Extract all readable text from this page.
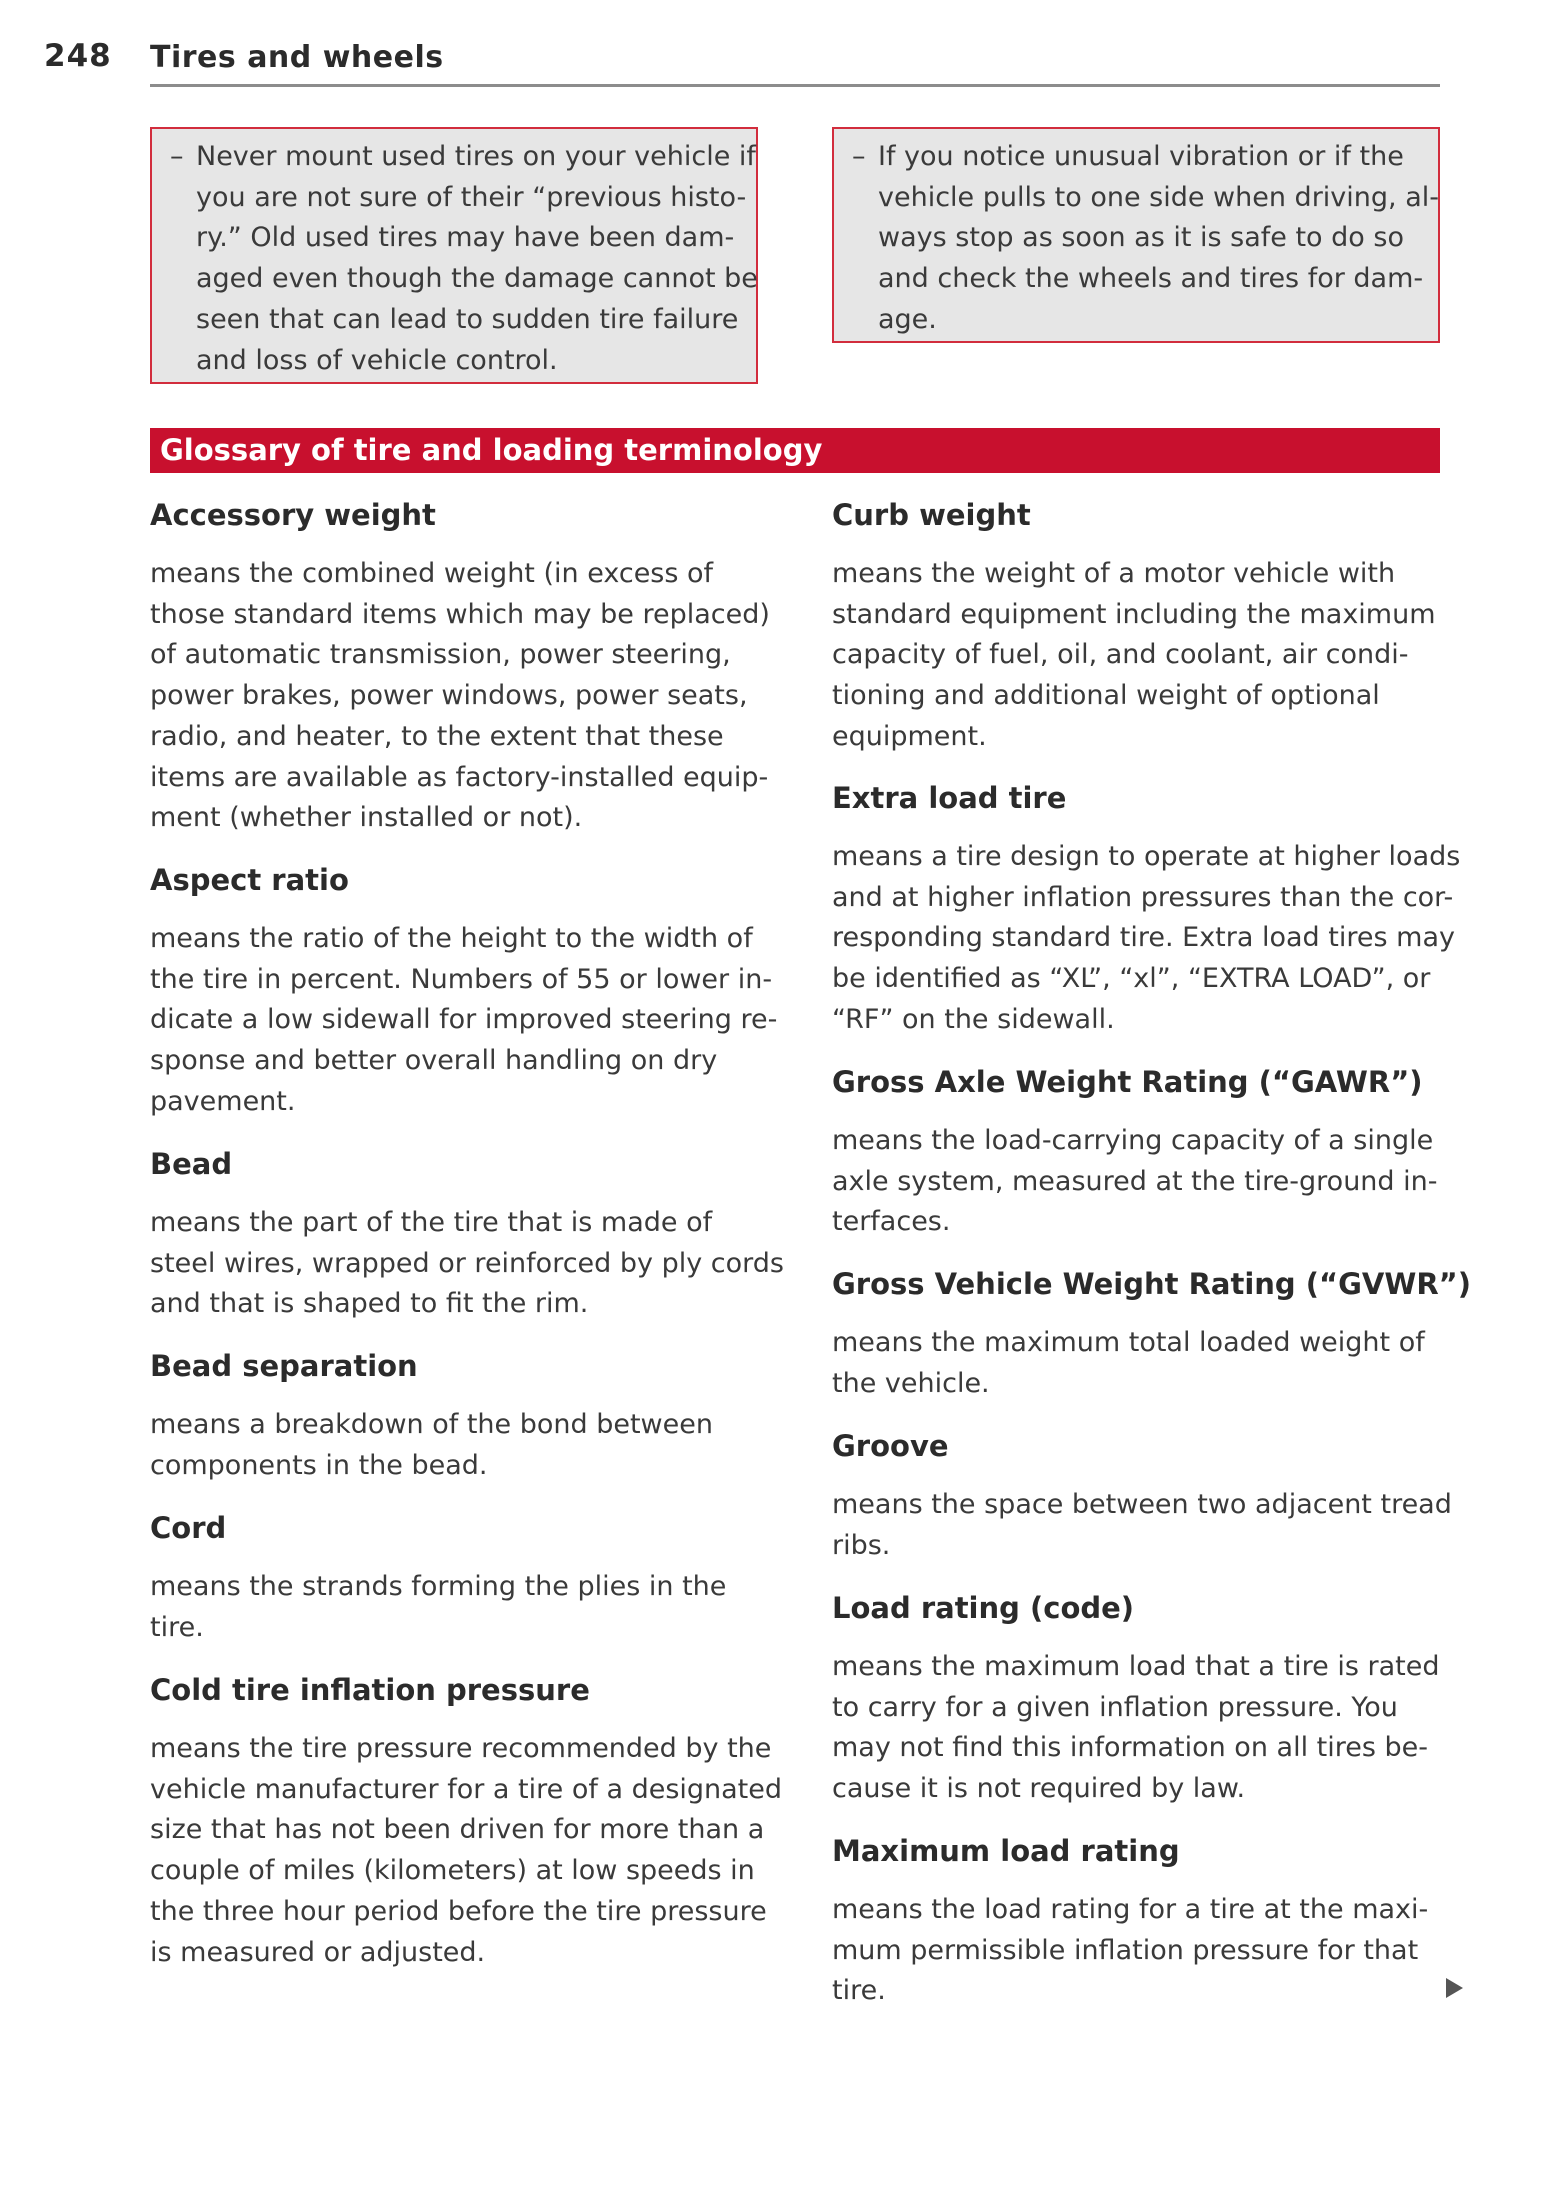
248 Tires and wheels
– Never mount used tires on your vehicle if

you are not sure of their “previous histo-

ry.” Old used tires may have been dam-

aged even though the damage cannot be

seen that can lead to sudden tire failure

and loss of vehicle control.

– If you notice unusual vibration or if the

vehicle pulls to one side when driving, al-

ways stop as soon as it is safe to do so

and check the wheels and tires for dam-

age.

Glossary of tire and loading terminology
Accessory weight
means the combined weight (in excess of
those standard items which may be replaced)
of automatic transmission, power steering,
power brakes, power windows, power seats,
radio, and heater, to the extent that these
items are available as factory-installed equip-
ment (whether installed or not).
Aspect ratio
means the ratio of the height to the width of
the tire in percent. Numbers of 55 or lower in-
dicate a low sidewall for improved steering re-
sponse and better overall handling on dry
pavement.
Bead
means the part of the tire that is made of
steel wires, wrapped or reinforced by ply cords
and that is shaped to fit the rim.
Bead separation
means a breakdown of the bond between
components in the bead.
Cord
means the strands forming the plies in the
tire.
Cold tire inflation pressure
means the tire pressure recommended by the
vehicle manufacturer for a tire of a designated
size that has not been driven for more than a
couple of miles (kilometers) at low speeds in
the three hour period before the tire pressure
is measured or adjusted.
Curb weight
means the weight of a motor vehicle with
standard equipment including the maximum
capacity of fuel, oil, and coolant, air condi-
tioning and additional weight of optional
equipment.
Extra load tire
means a tire design to operate at higher loads
and at higher inflation pressures than the cor-
responding standard tire. Extra load tires may
be identified as “XL”, “xl”, “EXTRA LOAD”, or
“RF” on the sidewall.
Gross Axle Weight Rating (“GAWR”)
means the load-carrying capacity of a single
axle system, measured at the tire-ground in-
terfaces.
Gross Vehicle Weight Rating (“GVWR”)
means the maximum total loaded weight of
the vehicle.
Groove
means the space between two adjacent tread
ribs.
Load rating (code)
means the maximum load that a tire is rated
to carry for a given inflation pressure. You
may not find this information on all tires be-
cause it is not required by law.
Maximum load rating
means the load rating for a tire at the maxi-
mum permissible inflation pressure for that
tire.
